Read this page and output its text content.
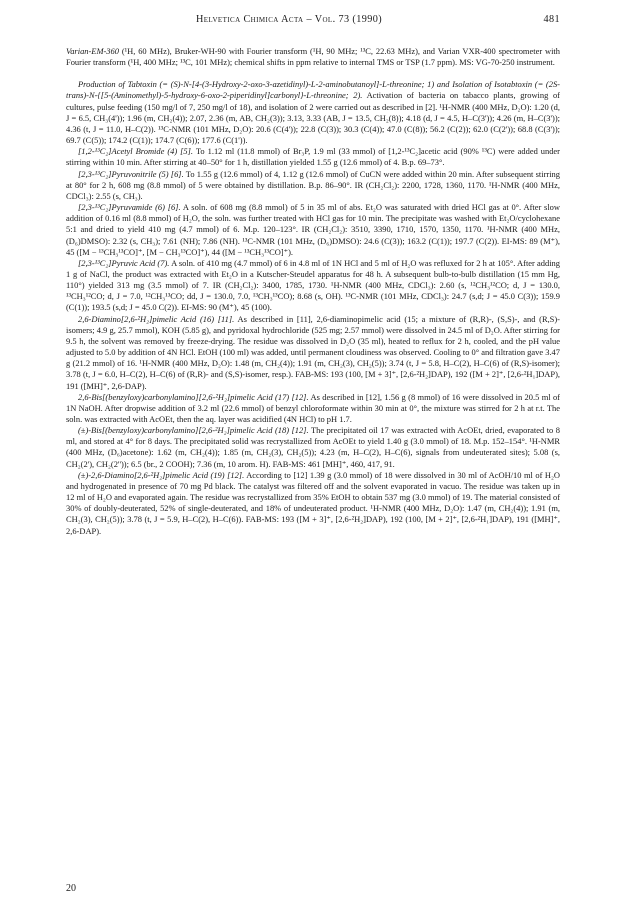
Helvetica Chimica Acta – Vol. 73 (1990)	481

Varian-EM-360 (¹H, 60 MHz), Bruker-WH-90 with Fourier transform (¹H, 90 MHz; ¹³C, 22.63 MHz), and Varian VXR-400 spectrometer with Fourier transform (¹H, 400 MHz; ¹³C, 101 MHz); chemical shifts in ppm relative to internal TMS or TSP (1.7 ppm). MS: VG-70-250 instrument.

Production of Tabtoxin (= (S)-N-[4-(3-Hydroxy-2-oxo-3-azetidinyl)-L-2-aminobutanoyl]-L-threonine; 1) and Isolation of Isotabtoxin (= (2S-trans)-N-{[5-(Aminomethyl)-5-hydroxy-6-oxo-2-piperidinyl]carbonyl}-L-threonine; 2). Activation of bacteria on tabacco plants, growing of cultures, pulse feeding (150 mg/l of 7, 250 mg/l of 18), and isolation of 2 were carried out as described in [2]. ¹H-NMR (400 MHz, D₂O): 1.20 (d, J = 6.5, CH₃(4')); 1.96 (m, CH₂(4)); 2.07, 2.36 (m, AB, CH₂(3)); 3.13, 3.33 (AB, J = 13.5, CH₂(8)); 4.18 (d, J = 4.5, H–C(3')); 4.26 (m, H–C(3')); 4.36 (t, J = 11.0, H–C(2)). ¹³C-NMR (101 MHz, D₂O): 20.6 (C(4')); 22.8 (C(3)); 30.3 (C(4)); 47.0 (C(8)); 56.2 (C(2)); 62.0 (C(2')); 68.8 (C(3')); 69.7 (C(5)); 174.2 (C(1)); 174.7 (C(6)); 177.6 (C(1')).

[1,2-¹³C₂]Acetyl Bromide (4) [5]. To 1.12 ml (11.8 mmol) of Br₃P, 1.9 ml (33 mmol) of [1,2-¹³C₂]acetic acid (90% ¹³C) were added under stirring within 10 min. After stirring at 40–50° for 1 h, distillation yielded 1.55 g (12.6 mmol) of 4. B.p. 69–73°.

[2,3-¹³C₂]Pyruvonitrile (5) [6]. To 1.55 g (12.6 mmol) of 4, 1.12 g (12.6 mmol) of CuCN were added within 20 min. After subsequent stirring at 80° for 2 h, 608 mg (8.8 mmol) of 5 were obtained by distillation. B.p. 86–90°. IR (CH₂Cl₂): 2200, 1728, 1360, 1170. ¹H-NMR (400 MHz, CDCl₃): 2.55 (s, CH₃).

[2,3-¹³C₂]Pyruvamide (6) [6]. A soln. of 608 mg (8.8 mmol) of 5 in 35 ml of abs. Et₂O was saturated with dried HCl gas at 0°. After slow addition of 0.16 ml (8.8 mmol) of H₂O, the soln. was further treated with HCl gas for 10 min. The precipitate was washed with Et₂O/cyclohexane 5:1 and dried to yield 410 mg (4.7 mmol) of 6. M.p. 120–123°. IR (CH₂Cl₂): 3510, 3390, 1710, 1570, 1350, 1170. ¹H-NMR (400 MHz, (D₆)DMSO): 2.32 (s, CH₃); 7.61 (NH); 7.86 (NH). ¹³C-NMR (101 MHz, (D₆)DMSO): 24.6 (C(3)); 163.2 (C(1)); 197.7 (C(2)). EI-MS: 89 (M⁺), 45 ([M − ¹³CH₃¹³CO]⁺, [M − CH₃¹³CO]⁺), 44 ([M − ¹³CH₃¹³CO]⁺).

[2,3-¹³C₂]Pyruvic Acid (7). A soln. of 410 mg (4.7 mmol) of 6 in 4.8 ml of 1N HCl and 5 ml of H₂O was refluxed for 2 h at 105°. After adding 1 g of NaCl, the product was extracted with Et₂O in a Kutscher-Steudel apparatus for 48 h. A subsequent bulb-to-bulb distillation (15 mm Hg, 110°) yielded 313 mg (3.5 mmol) of 7. IR (CH₂Cl₂): 3400, 1785, 1730. ¹H-NMR (400 MHz, CDCl₃): 2.60 (s, ¹²CH₃¹²CO; d, J = 130.0, ¹³CH₃¹²CO; d, J = 7.0, ¹²CH₃¹³CO; dd, J = 130.0, 7.0, ¹³CH₃¹³CO); 8.68 (s, OH). ¹³C-NMR (101 MHz, CDCl₃): 24.7 (s,d; J = 45.0 C(3)); 159.9 (C(1)); 193.5 (s,d; J = 45.0 C(2)). EI-MS: 90 (M⁺), 45 (100).

2,6-Diamino[2,6-²H₂]pimelic Acid (16) [11]. As described in [11], 2,6-diaminopimelic acid (15; a mixture of (R,R)-, (S,S)-, and (R,S)-isomers; 4.9 g, 25.7 mmol), KOH (5.85 g), and pyridoxal hydrochloride (525 mg; 2.57 mmol) were dissolved in 24.5 ml of D₂O. After stirring for 9.5 h, the solvent was removed by freeze-drying. The residue was dissolved in D₂O (35 ml), heated to reflux for 2 h, cooled, and the pH value adjusted to 5.0 by addition of 4N HCl. EtOH (100 ml) was added, until permanent cloudiness was observed. Cooling to 0° and filtration gave 3.47 g (21.2 mmol) of 16. ¹H-NMR (400 MHz, D₂O): 1.48 (m, CH₂(4)); 1.91 (m, CH₂(3), CH₂(5)); 3.74 (t, J = 5.8, H–C(2), H–C(6) of (R,S)-isomer); 3.78 (t, J = 6.0, H–C(2), H–C(6) of (R,R)- and (S,S)-isomer, resp.). FAB-MS: 193 (100, [M + 3]⁺, [2,6-²H₂]DAP), 192 ([M + 2]⁺, [2,6-²H₁]DAP), 191 ([MH]⁺, 2,6-DAP).

2,6-Bis[(benzyloxy)carbonylamino][2,6-²H₂]pimelic Acid (17) [12]. As described in [12], 1.56 g (8 mmol) of 16 were dissolved in 20.5 ml of 1N NaOH. After dropwise addition of 3.2 ml (22.6 mmol) of benzyl chloroformate within 30 min at 0°, the mixture was stirred for 2 h at r.t. The soln. was extracted with AcOEt, then the aq. layer was acidified (4N HCl) to pH 1.7.

(±)-Bis[(benzyloxy)carbonylamino][2,6-²H₂]pimelic Acid (18) [12]. The precipitated oil 17 was extracted with AcOEt, dried, evaporated to 8 ml, and stored at 4° for 8 days. The precipitated solid was recrystallized from AcOEt to yield 1.40 g (3.0 mmol) of 18. M.p. 152–154°. ¹H-NMR (400 MHz, (D₆)acetone): 1.62 (m, CH₂(4)); 1.85 (m, CH₂(3), CH₂(5)); 4.23 (m, H–C(2), H–C(6), signals from undeuterated sites); 5.08 (s, CH₂(2'), CH₂(2'')); 6.5 (br., 2 COOH); 7.36 (m, 10 arom. H). FAB-MS: 461 [MH]⁺, 460, 417, 91.

(±)-2,6-Diamino[2,6-²H₂]pimelic Acid (19) [12]. According to [12] 1.39 g (3.0 mmol) of 18 were dissolved in 30 ml of AcOH/10 ml of H₂O and hydrogenated in presence of 70 mg Pd black. The catalyst was filtered off and the solvent evaporated in vacuo. The residue was taken up in 12 ml of H₂O and evaporated again. The residue was recrystallized from 35% EtOH to obtain 537 mg (3.0 mmol) of 19. The material consisted of 30% of doubly-deuterated, 52% of single-deuterated, and 18% of undeuterated product. ¹H-NMR (400 MHz, D₂O): 1.47 (m, CH₂(4)); 1.91 (m, CH₂(3), CH₂(5)); 3.78 (t, J = 5.9, H–C(2), H–C(6)). FAB-MS: 193 ([M + 3]⁺, [2,6-²H₂]DAP), 192 (100, [M + 2]⁺, [2,6-²H₁]DAP), 191 ([MH]⁺, 2,6-DAP).

20
